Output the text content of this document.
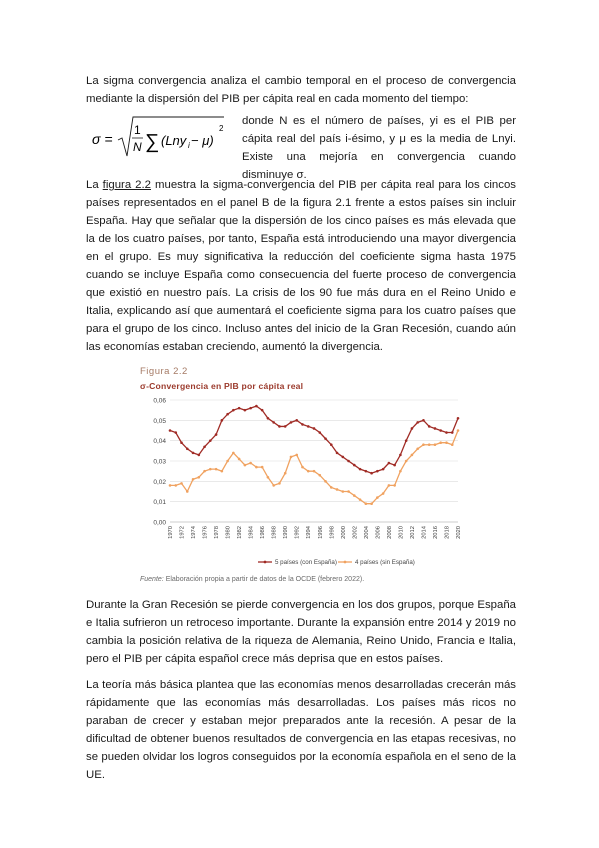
La sigma convergencia analiza el cambio temporal en el proceso de convergencia mediante la dispersión del PIB per cápita real en cada momento del tiempo:

σ =
1
N ∑ (Lny i − μ)
2
donde N es el número de países, yi es el PIB per cápita real del país i-ésimo, y μ es la media de Lnyi. Existe una mejoría en convergencia cuando disminuye σ.

La figura 2.2 muestra la sigma-convergencia del PIB per cápita real para los cincos países representados en el panel B de la figura 2.1 frente a estos países sin incluir España. Hay que señalar que la dispersión de los cinco países es más elevada que la de los cuatro países, por tanto, España está introduciendo una mayor divergencia en el grupo. Es muy significativa la reducción del coeficiente sigma hasta 1975 cuando se incluye España como consecuencia del fuerte proceso de convergencia que existió en nuestro país. La crisis de los 90 fue más dura en el Reino Unido e Italia, explicando así que aumentará el coeficiente sigma para los cuatro países que para el grupo de los cinco. Incluso antes del inicio de la Gran Recesión, cuando aún las economías estaban creciendo, aumentó la divergencia.

Figura 2.2
σ-Convergencia en PIB por cápita real
0,00
0,01
0,02
0,03
0,04
0,05
0,06
1970 1972 1974 1976 1978 1980 1982 1984 1986 1988 1990 1992 1994 1996 1998 2000 2002 2004 2006 2008 2010 2012 2014 2016 2018 2020
5 países (con España)	4 países (sin España)
Fuente: Elaboración propia a partir de datos de la OCDE (febrero 2022).

Durante la Gran Recesión se pierde convergencia en los dos grupos, porque España e Italia sufrieron un retroceso importante. Durante la expansión entre 2014 y 2019 no cambia la posición relativa de la riqueza de Alemania, Reino Unido, Francia e Italia, pero el PIB per cápita español crece más deprisa que en estos países.

La teoría más básica plantea que las economías menos desarrolladas crecerán más rápidamente que las economías más desarrolladas. Los países más ricos no paraban de crecer y estaban mejor preparados ante la recesión. A pesar de la dificultad de obtener buenos resultados de convergencia en las etapas recesivas, no se pueden olvidar los logros conseguidos por la economía española en el seno de la UE.
